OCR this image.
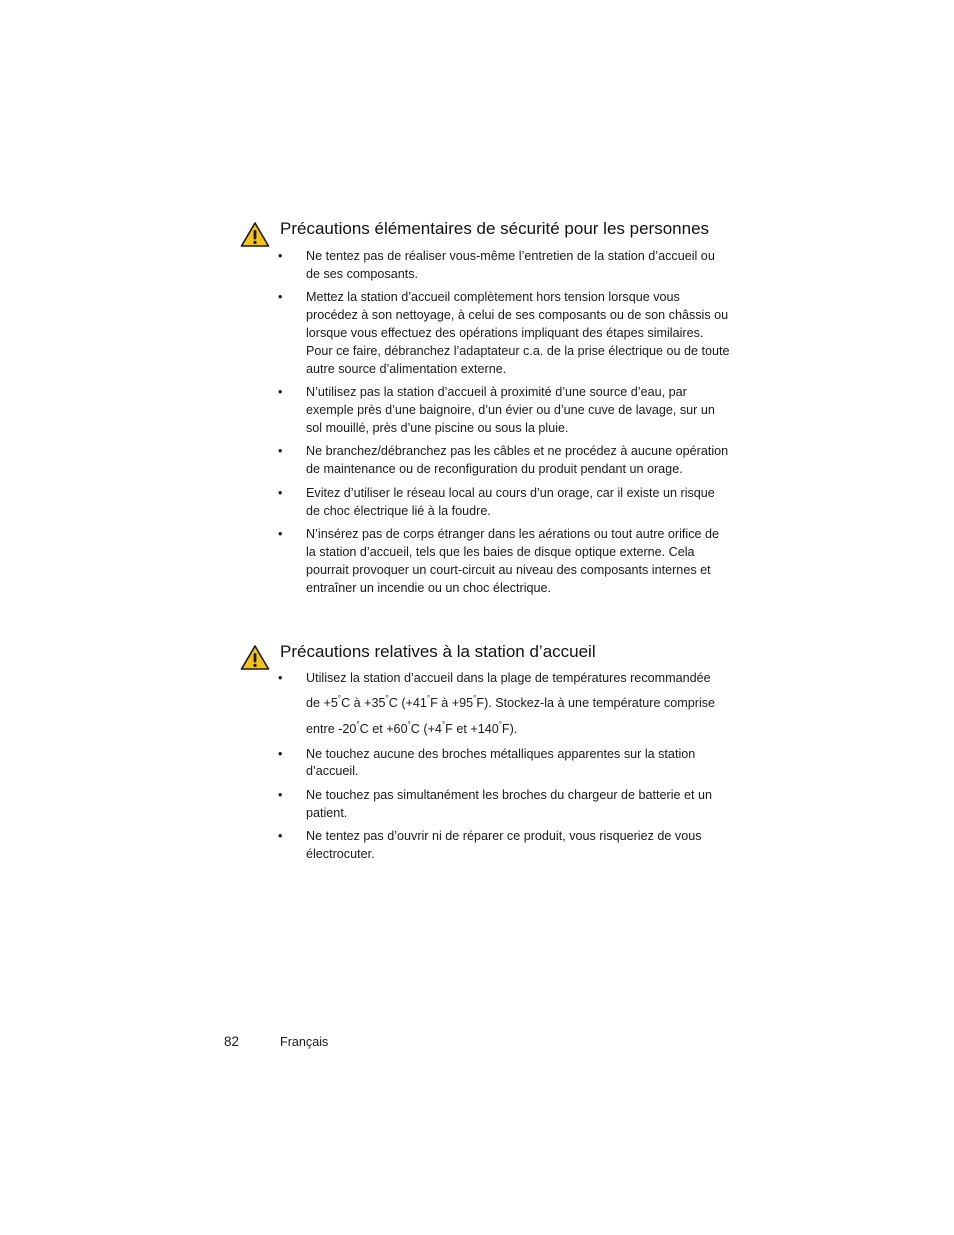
Précautions élémentaires de sécurité pour les personnes
• Ne tentez pas de réaliser vous-même l’entretien de la station d’accueil ou de ses composants.
• Mettez la station d’accueil complètement hors tension lorsque vous procédez à son nettoyage, à celui de ses composants ou de son châssis ou lorsque vous effectuez des opérations impliquant des étapes similaires. Pour ce faire, débranchez l’adaptateur c.a. de la prise électrique ou de toute autre source d’alimentation externe.
• N’utilisez pas la station d’accueil à proximité d’une source d’eau, par exemple près d’une baignoire, d’un évier ou d’une cuve de lavage, sur un sol mouillé, près d’une piscine ou sous la pluie.
• Ne branchez/débranchez pas les câbles et ne procédez à aucune opération de maintenance ou de reconfiguration du produit pendant un orage.
• Evitez d’utiliser le réseau local au cours d’un orage, car il existe un risque de choc électrique lié à la foudre.
• N’insérez pas de corps étranger dans les aérations ou tout autre orifice de la station d’accueil, tels que les baies de disque optique externe. Cela pourrait provoquer un court-circuit au niveau des composants internes et entraîner un incendie ou un choc électrique.
Précautions relatives à la station d’accueil
• Utilisez la station d’accueil dans la plage de températures recommandée
de +5°C à +35°C (+41°F à +95°F). Stockez-la à une température comprise
entre -20°C et +60°C (+4°F et +140°F).
• Ne touchez aucune des broches métalliques apparentes sur la station d’accueil.
• Ne touchez pas simultanément les broches du chargeur de batterie et un patient.
• Ne tentez pas d’ouvrir ni de réparer ce produit, vous risqueriez de vous électrocuter.
82	Français
